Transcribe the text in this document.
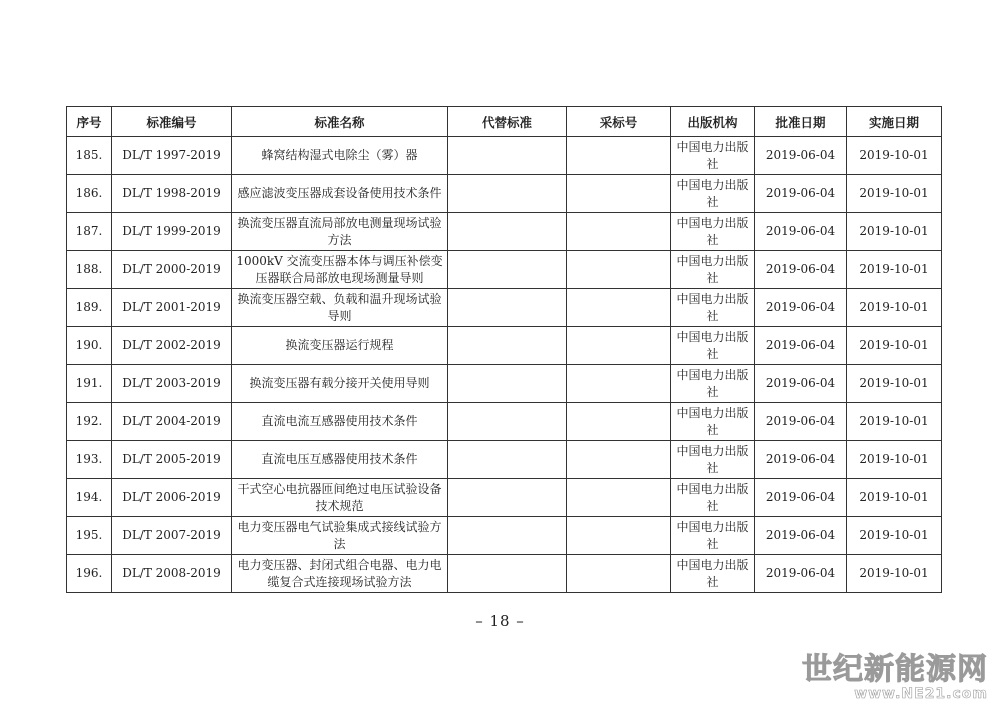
序号	标准编号	标准名称	代替标准	采标号	出版机构	批准日期	实施日期
185.	DL/T 1997-2019	蜂窝结构湿式电除尘（雾）器			中国电力出版社	2019-06-04	2019-10-01
186.	DL/T 1998-2019	感应滤波变压器成套设备使用技术条件			中国电力出版社	2019-06-04	2019-10-01
187.	DL/T 1999-2019	换流变压器直流局部放电测量现场试验方法			中国电力出版社	2019-06-04	2019-10-01
188.	DL/T 2000-2019	1000kV 交流变压器本体与调压补偿变压器联合局部放电现场测量导则			中国电力出版社	2019-06-04	2019-10-01
189.	DL/T 2001-2019	换流变压器空载、负载和温升现场试验导则			中国电力出版社	2019-06-04	2019-10-01
190.	DL/T 2002-2019	换流变压器运行规程			中国电力出版社	2019-06-04	2019-10-01
191.	DL/T 2003-2019	换流变压器有载分接开关使用导则			中国电力出版社	2019-06-04	2019-10-01
192.	DL/T 2004-2019	直流电流互感器使用技术条件			中国电力出版社	2019-06-04	2019-10-01
193.	DL/T 2005-2019	直流电压互感器使用技术条件			中国电力出版社	2019-06-04	2019-10-01
194.	DL/T 2006-2019	干式空心电抗器匝间绝过电压试验设备技术规范			中国电力出版社	2019-06-04	2019-10-01
195.	DL/T 2007-2019	电力变压器电气试验集成式接线试验方法			中国电力出版社	2019-06-04	2019-10-01
196.	DL/T 2008-2019	电力变压器、封闭式组合电器、电力电缆复合式连接现场试验方法			中国电力出版社	2019-06-04	2019-10-01
– 18 –
世纪新能源网
www.NE21.com
